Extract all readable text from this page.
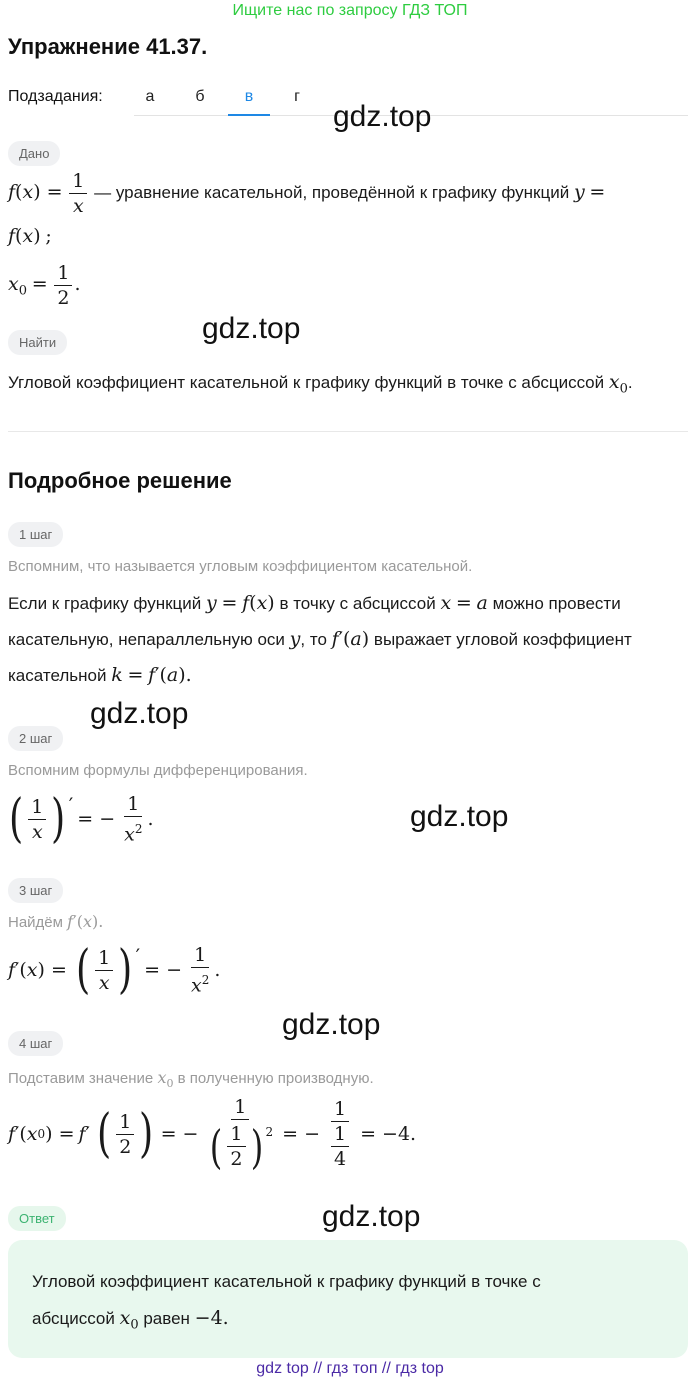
Ищите нас по запросу ГДЗ ТОП
Упражнение 41.37.
Подзадания:	а	б	в	г
gdz.top
gdz.top
gdz.top
gdz.top
gdz.top
gdz.top
Дано
$f(x) = \frac{1}{x}$ — уравнение касательной, проведённой к графику функций y =
f(x) ;
$x_0 = \frac{1}{2}$ .
Найти
Угловой коэффициент касательной к графику функций в точке с абсцисcой $x_0$.
Подробное решение
1 шаг
Вспомним, что называется угловым коэффициентом касательной.
Если к графику функций y = f(x) в точку с абсциссой x = a можно провести
касательную, непараллельную оси y, то f′(a) выражает угловой коэффициент
касательной k = f′(a).
2 шаг
Вспомним формулы дифференцирования.
( $\frac{1}{x}$ ) ′
= − $\frac{1}{x^2}$ .
3 шаг
Найдём f′(x).
f ′( x ) = ( $\frac{1}{x}$ ) ′
= − $\frac{1}{x^2}$ .
4 шаг
Подставим значение $x_0$ в полученную производную.
f ′( x 0 ) = f ′ ( $\frac{1}{2}$ ) = − $\frac{1}{( \frac{1}{2} )^2}$ = − $\frac{1}{\frac{1}{4}} = -4$.
Ответ
Угловой коэффициент касательной к графику функций в точке с
абсциссой $x_0$ равен −4.
gdz top // гдз топ // гдз top
